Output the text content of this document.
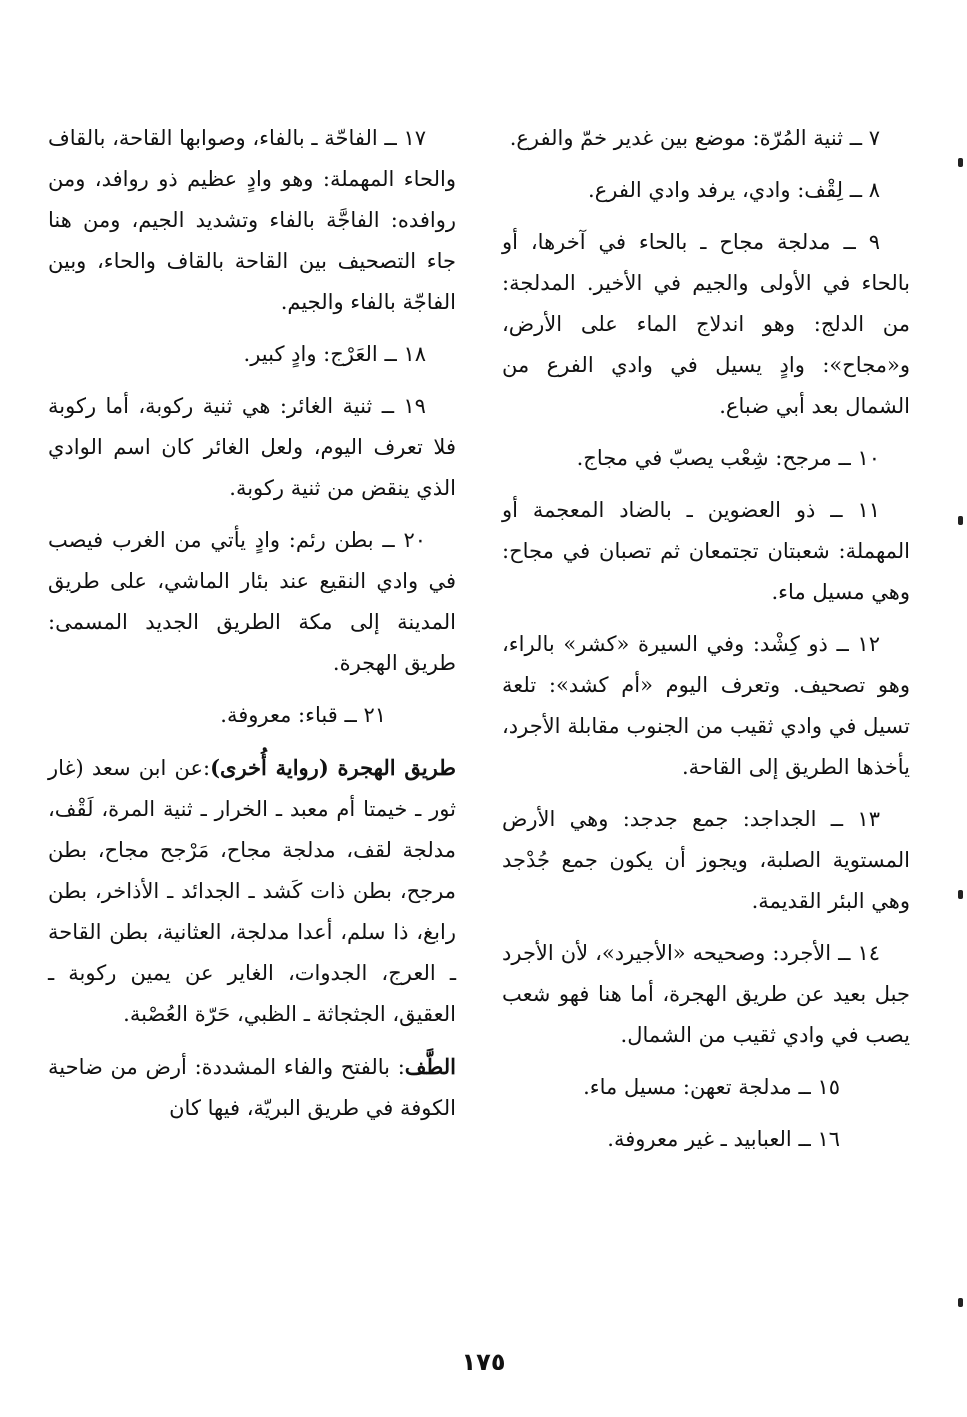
٧ ــ ثنية المُرّة: موضع بين غدير خمّ والفرع.

٨ ــ لِقْف: وادي، يرفد وادي الفرع.

٩ ــ مدلجة مجاح ـ بالحاء في آخرها، أو بالحاء في الأولى والجيم في الأخير. المدلجة: من الدلج: وهو اندلاج الماء على الأرض، و«مجاح»: وادٍ يسيل في وادي الفرع من الشمال بعد أبي ضباع.

١٠ ــ مرجح: شِعْب يصبّ في مجاج.

١١ ــ ذو العضوين ـ بالضاد المعجمة أو المهملة: شعبتان تجتمعان ثم تصبان في مجاح: وهي مسيل ماء.

١٢ ــ ذو كِشْد: وفي السيرة «كشر» بالراء، وهو تصحيف. وتعرف اليوم «أم كشد»: تلعة تسيل في وادي ثقيب من الجنوب مقابلة الأجرد، يأخذها الطريق إلى القاحة.

١٣ ــ الجداجد: جمع جدجد: وهي الأرض المستوية الصلبة، ويجوز أن يكون جمع جُدْجد وهي البئر القديمة.

١٤ ــ الأجرد: وصحيحه «الأجيرد»، لأن الأجرد جبل بعيد عن طريق الهجرة، أما هنا فهو شعب يصب في وادي ثقيب من الشمال.

١٥ ــ مدلجة تعهن: مسيل ماء.

١٦ ــ العبابيد ـ غير معروفة.

١٧ ــ الفاحّة ـ بالفاء، وصوابها القاحة، بالقاف والحاء المهملة: وهو وادٍ عظيم ذو روافد، ومن روافده: الفاجَّة بالفاء وتشديد الجيم، ومن هنا جاء التصحيف بين القاحة بالقاف والحاء، وبين الفاجّة بالفاء والجيم.

١٨ ــ العَرْج: وادٍ كبير.

١٩ ــ ثنية الغائر: هي ثنية ركوبة، أما ركوبة فلا تعرف اليوم، ولعل الغائر كان اسم الوادي الذي ينقض من ثنية ركوبة.

٢٠ ــ بطن رئم: وادٍ يأتي من الغرب فيصب في وادي النقيع عند بئار الماشي، على طريق المدينة إلى مكة الطريق الجديد المسمى: طريق الهجرة.

٢١ ــ قباء: معروفة.

طريق الهجرة (رواية أُخرى):عن ابن سعد (غار ثور ـ خيمتا أم معبد ـ الخرار ـ ثنية المرة، لَقْف، مدلجة لقف، مدلجة مجاح، مَرْجح مجاح، بطن مرجح، بطن ذات كَشد ـ الجدائد ـ الأذاخر، بطن رابغ، ذا سلم، أعدا مدلجة، العثانية، بطن القاحة ـ العرج، الجدوات، الغاير عن يمين ركوبة ـ العقيق، الجثجاثة ـ الظبي، حَرّة العُصْبة.

الطَّف: بالفتح والفاء المشددة: أرض من ضاحية الكوفة في طريق البريّة، فيها كان

١٧٥
